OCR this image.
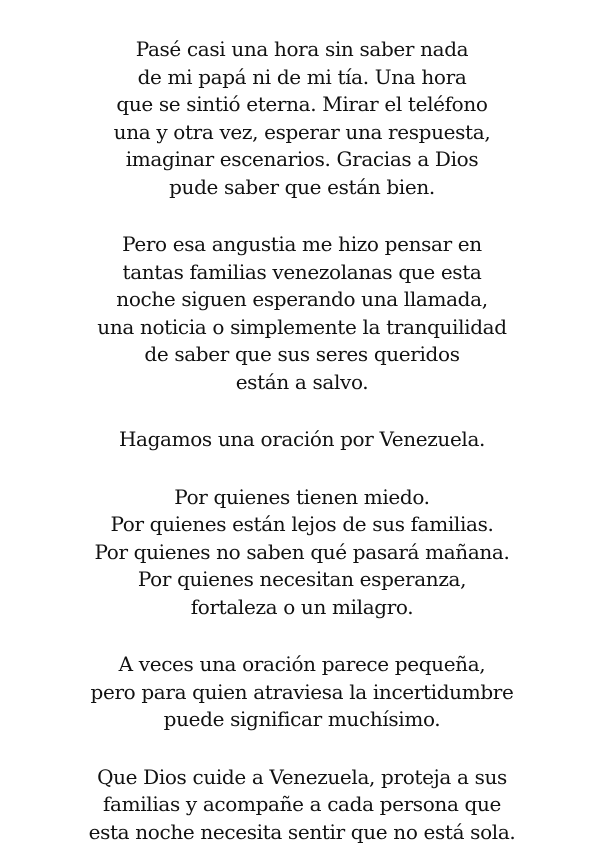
Pasé casi una hora sin saber nada
de mi papá ni de mi tía. Una hora
que se sintió eterna. Mirar el teléfono
una y otra vez, esperar una respuesta,
imaginar escenarios. Gracias a Dios
pude saber que están bien.
Pero esa angustia me hizo pensar en
tantas familias venezolanas que esta
noche siguen esperando una llamada,
una noticia o simplemente la tranquilidad
de saber que sus seres queridos
están a salvo.
Hagamos una oración por Venezuela.
Por quienes tienen miedo.
Por quienes están lejos de sus familias.
Por quienes no saben qué pasará mañana.
Por quienes necesitan esperanza,
fortaleza o un milagro.
A veces una oración parece pequeña,
pero para quien atraviesa la incertidumbre
puede significar muchísimo.
Que Dios cuide a Venezuela, proteja a sus
familias y acompañe a cada persona que
esta noche necesita sentir que no está sola.
